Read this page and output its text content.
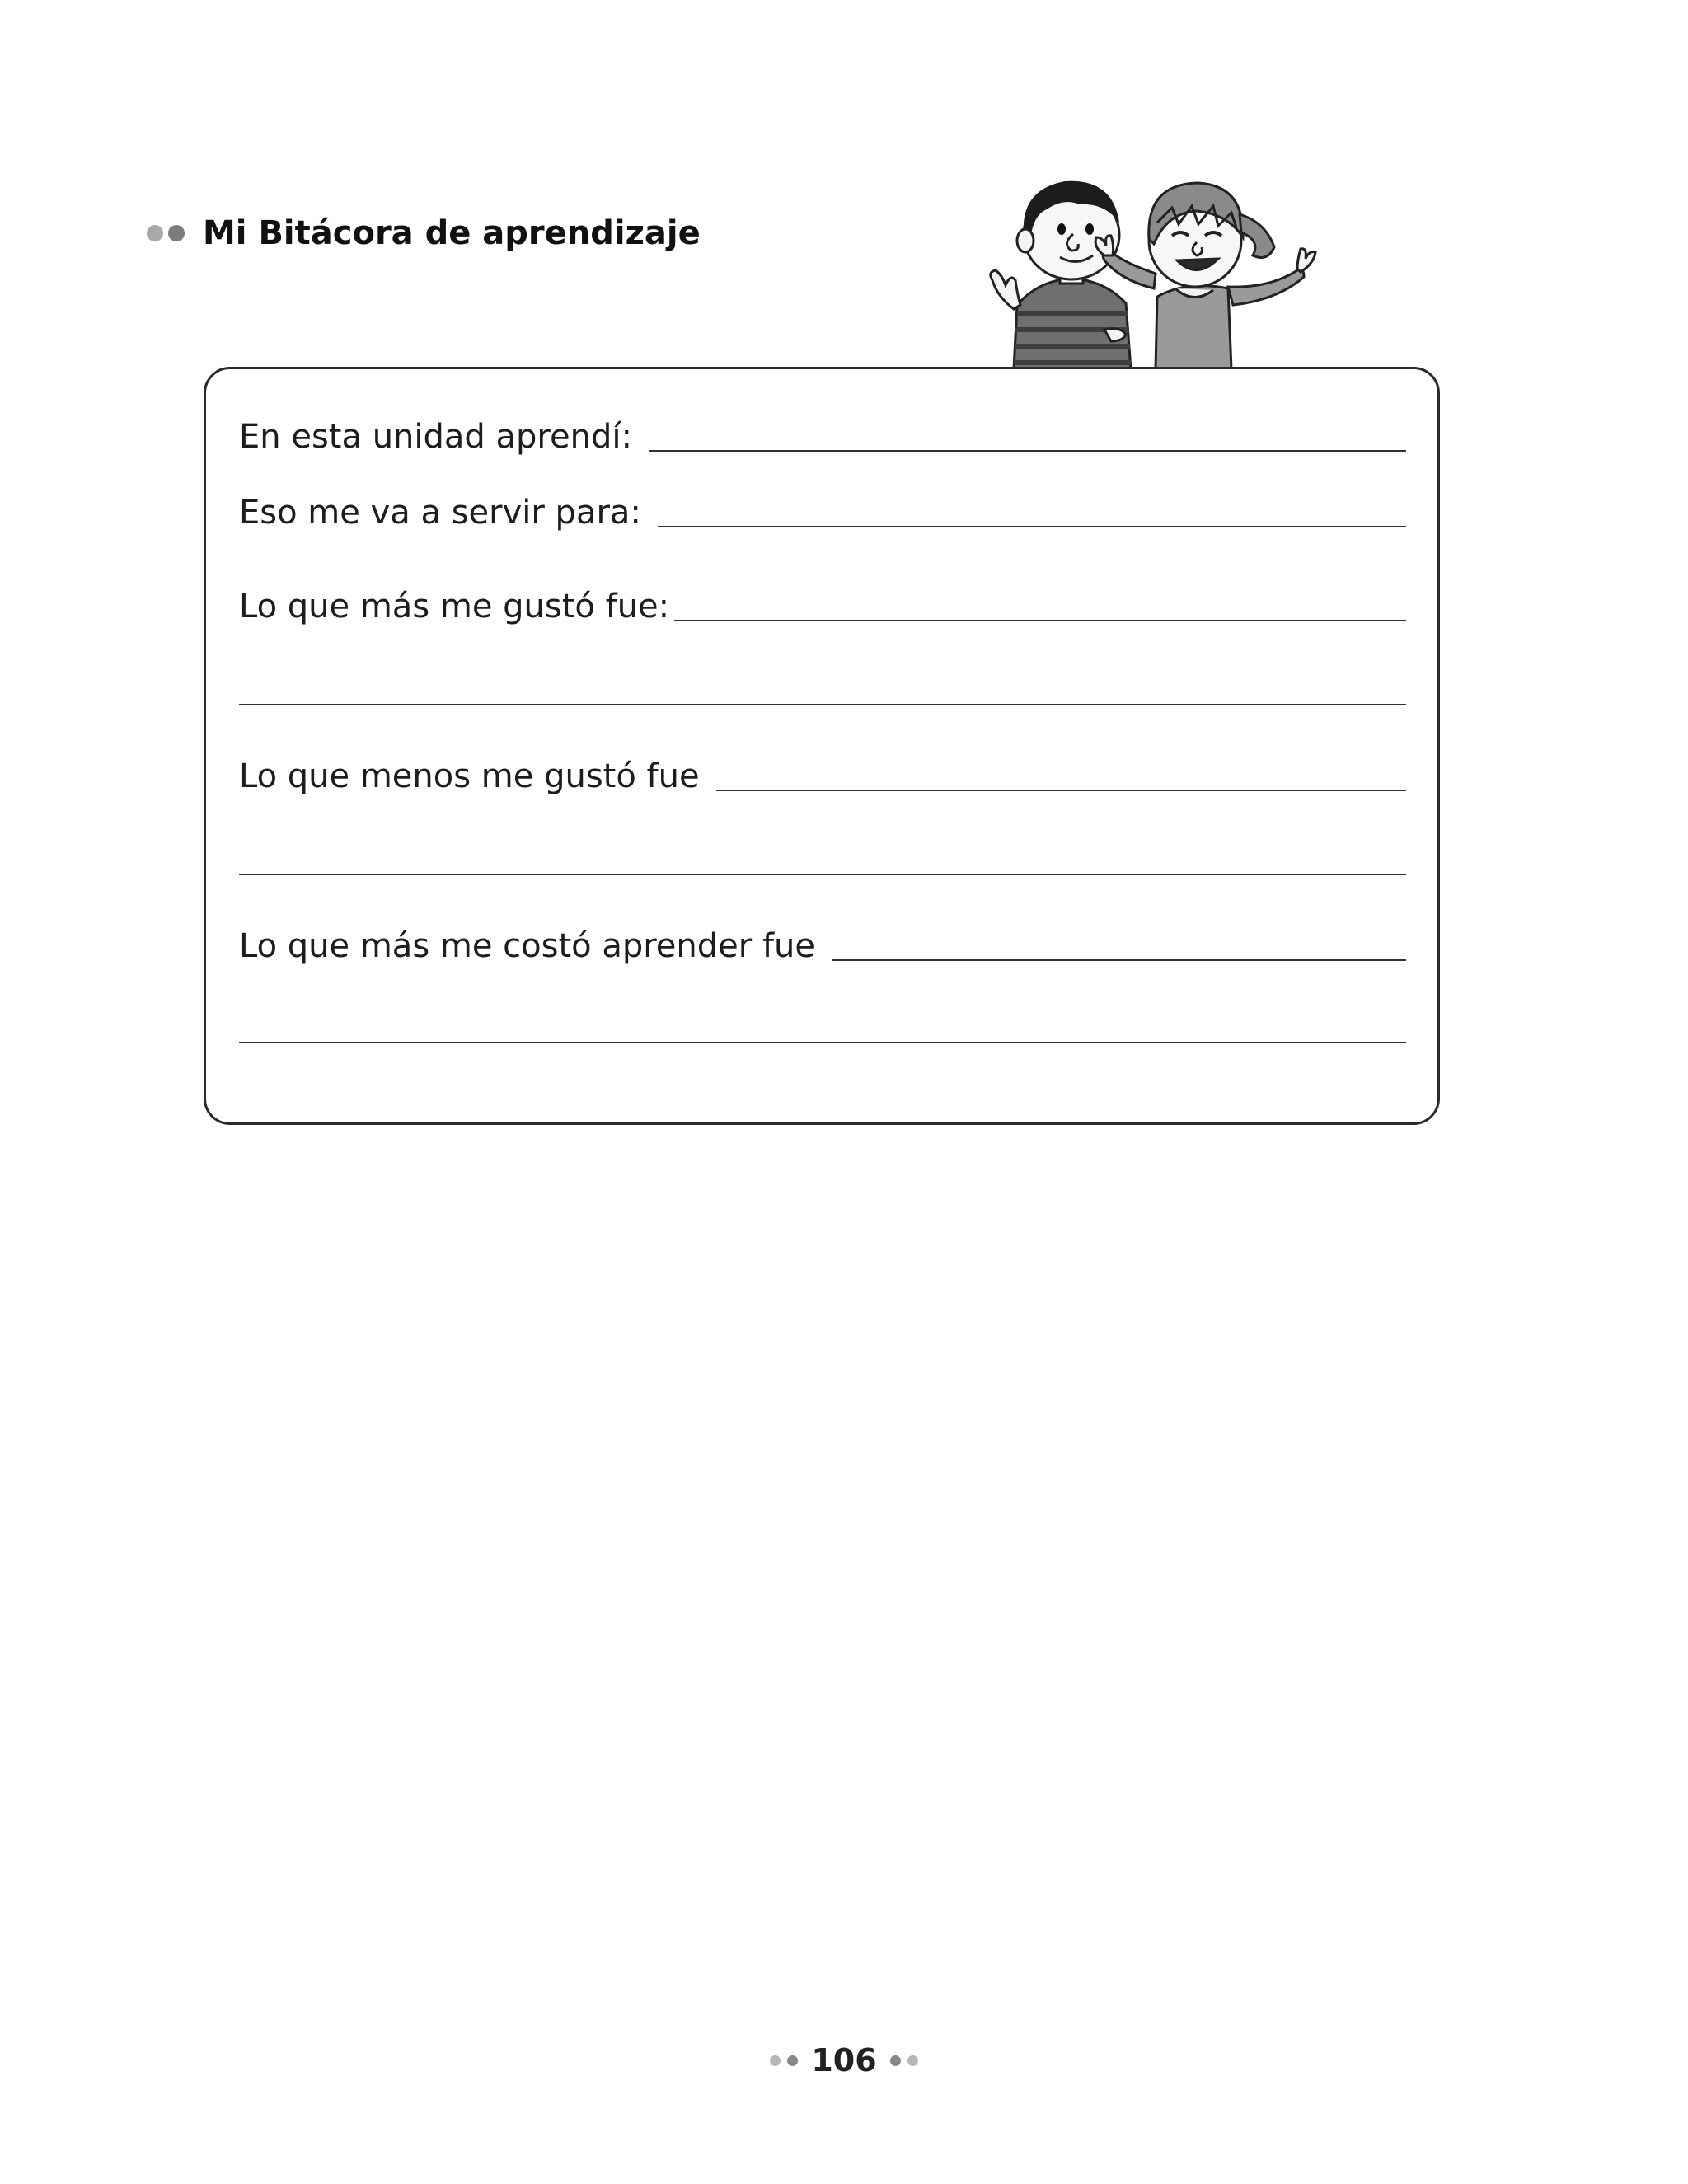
Mi Bitácora de aprendizaje
En esta unidad aprendí:
Eso me va a servir para:
Lo que más me gustó fue:
Lo que menos me gustó fue
Lo que más me costó aprender fue
106
